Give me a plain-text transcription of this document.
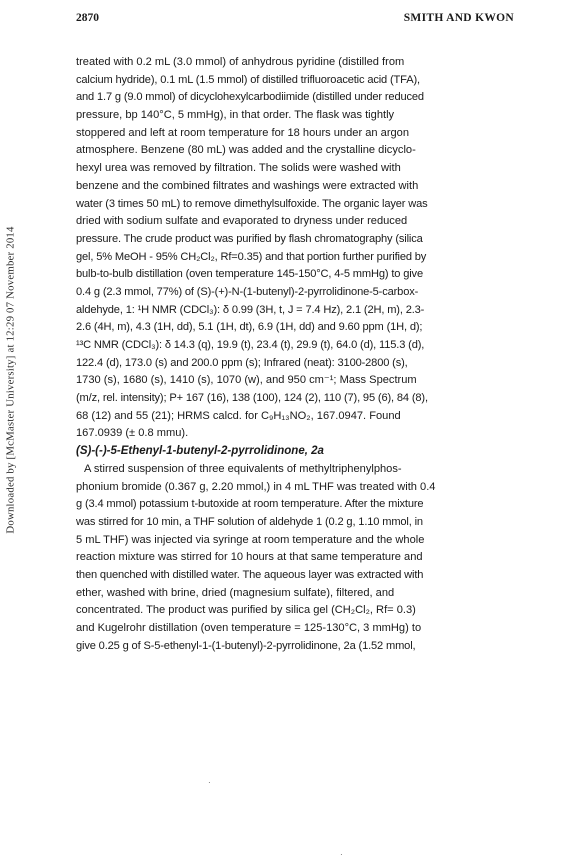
Downloaded by [McMaster University] at 12:29 07 November 2014
2870	SMITH AND KWON
treated with 0.2 mL (3.0 mmol) of anhydrous pyridine (distilled from
calcium hydride), 0.1 mL (1.5 mmol) of distilled trifluoroacetic acid (TFA),
and 1.7 g (9.0 mmol) of dicyclohexylcarbodiimide (distilled under reduced
pressure, bp 140°C, 5 mmHg), in that order. The flask was tightly
stoppered and left at room temperature for 18 hours under an argon
atmosphere. Benzene (80 mL) was added and the crystalline dicyclo-
hexyl urea was removed by filtration. The solids were washed with
benzene and the combined filtrates and washings were extracted with
water (3 times 50 mL) to remove dimethylsulfoxide. The organic layer was
dried with sodium sulfate and evaporated to dryness under reduced
pressure. The crude product was purified by flash chromatography (silica
gel, 5% MeOH - 95% CH₂Cl₂, Rf=0.35) and that portion further purified by
bulb-to-bulb distillation (oven temperature 145-150°C, 4-5 mmHg) to give
0.4 g (2.3 mmol, 77%) of (S)-(+)-N-(1-butenyl)-2-pyrrolidinone-5-carbox-
aldehyde, 1: ¹H NMR (CDCl₃): δ 0.99 (3H, t, J = 7.4 Hz), 2.1 (2H, m), 2.3-
2.6 (4H, m), 4.3 (1H, dd), 5.1 (1H, dt), 6.9 (1H, dd) and 9.60 ppm (1H, d);
¹³C NMR (CDCl₃): δ 14.3 (q), 19.9 (t), 23.4 (t), 29.9 (t), 64.0 (d), 115.3 (d),
122.4 (d), 173.0 (s) and 200.0 ppm (s); Infrared (neat): 3100-2800 (s),
1730 (s), 1680 (s), 1410 (s), 1070 (w), and 950 cm⁻¹; Mass Spectrum
(m/z, rel. intensity); P+ 167 (16), 138 (100), 124 (2), 110 (7), 95 (6), 84 (8),
68 (12) and 55 (21); HRMS calcd. for C₉H₁₃NO₂, 167.0947. Found
167.0939 (± 0.8 mmu).
(S)-(-)-5-Ethenyl-1-butenyl-2-pyrrolidinone, 2a
A stirred suspension of three equivalents of methyltriphenylphos-
phonium bromide (0.367 g, 2.20 mmol,) in 4 mL THF was treated with 0.4
g (3.4 mmol) potassium t-butoxide at room temperature. After the mixture
was stirred for 10 min, a THF solution of aldehyde 1 (0.2 g, 1.10 mmol, in
5 mL THF) was injected via syringe at room temperature and the whole
reaction mixture was stirred for 10 hours at that same temperature and
then quenched with distilled water. The aqueous layer was extracted with
ether, washed with brine, dried (magnesium sulfate), filtered, and
concentrated. The product was purified by silica gel (CH₂Cl₂, Rf= 0.3)
and Kugelrohr distillation (oven temperature = 125-130°C, 3 mmHg) to
give 0.25 g of S-5-ethenyl-1-(1-butenyl)-2-pyrrolidinone, 2a (1.52 mmol,
·
·
